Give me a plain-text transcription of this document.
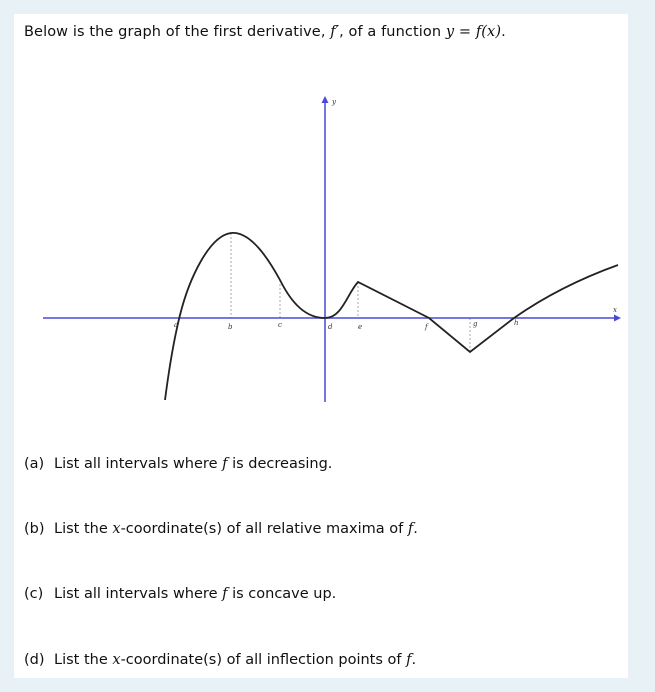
Below is the graph of the first derivative, f′, of a function y = f(x).
y
x
a	b	c	d	e	f	g	h
(a) List all intervals where f is decreasing.
(b) List the x-coordinate(s) of all relative maxima of f.
(c) List all intervals where f is concave up.
(d) List the x-coordinate(s) of all inflection points of f.
